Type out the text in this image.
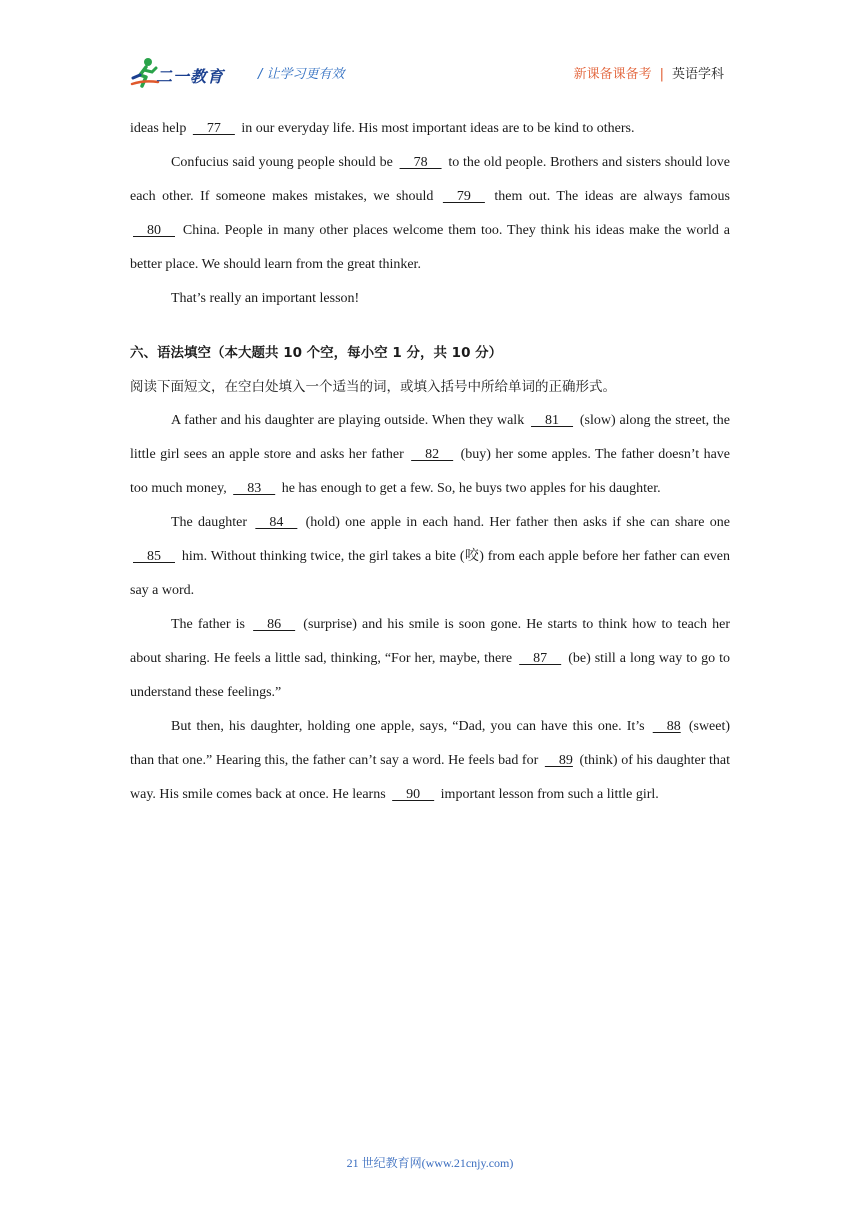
二一教育	/ 让学习更有效	新课备课备考 | 英语学科

ideas help     77     in our everyday life. His most important ideas are to be kind to others.

Confucius said young people should be     78     to the old people. Brothers and sisters should love each other. If someone makes mistakes, we should     79     them out. The ideas are always famous     80     China. People in many other places welcome them too. They think his ideas make the world a better place. We should learn from the great thinker.

That’s really an important lesson!

六、语法填空（本大题共 10 个空，每小空 1 分，共 10 分）

阅读下面短文，在空白处填入一个适当的词，或填入括号中所给单词的正确形式。

A father and his daughter are playing outside. When they walk     81     (slow) along the street, the little girl sees an apple store and asks her father     82     (buy) her some apples. The father doesn’t have too much money,     83     he has enough to get a few. So, he buys two apples for his daughter.

The daughter     84     (hold) one apple in each hand. Her father then asks if she can share one     85     him. Without thinking twice, the girl takes a bite (咬) from each apple before her father can even say a word.

The father is     86     (surprise) and his smile is soon gone. He starts to think how to teach her about sharing. He feels a little sad, thinking, “For her, maybe, there     87     (be) still a long way to go to understand these feelings.”

But then, his daughter, holding one apple, says, “Dad, you can have this one. It’s     88 (sweet) than that one.” Hearing this, the father can’t say a word. He feels bad for     89 (think) of his daughter that way. His smile comes back at once. He learns     90     important lesson from such a little girl.

21 世纪教育网(www.21cnjy.com)
